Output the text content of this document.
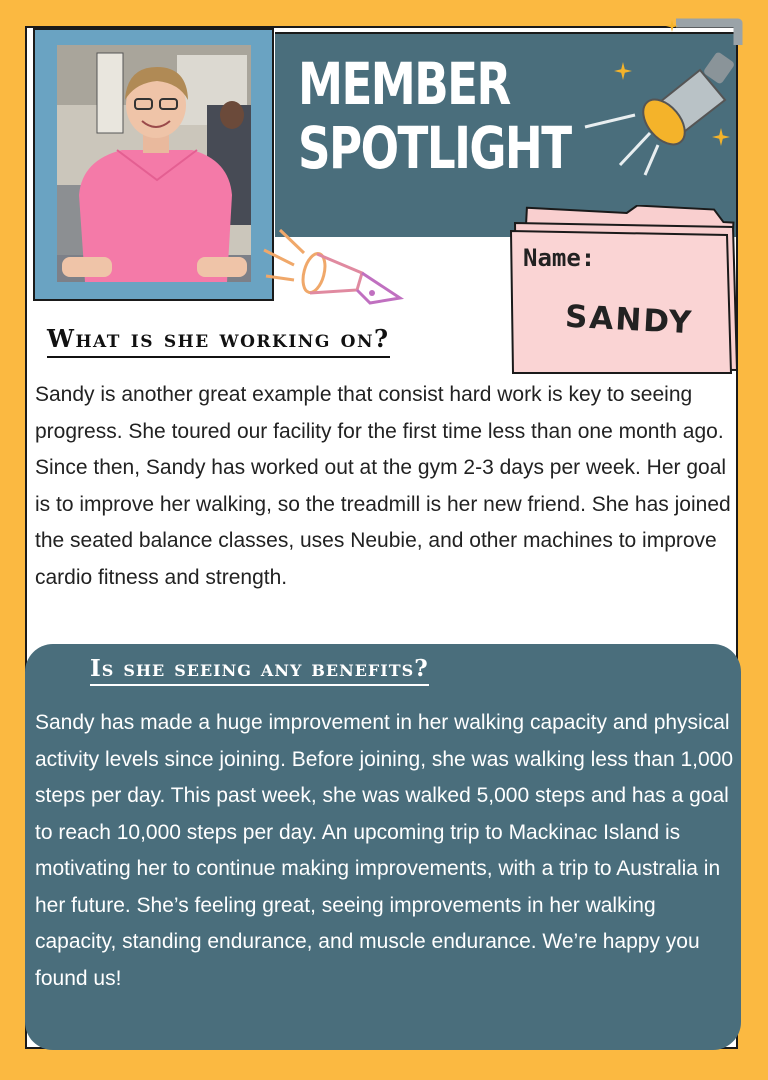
MEMBER
SPOTLIGHT
Name:
SANDY
What is she working on?
Sandy is another great example that consist hard work is key to seeing progress. She toured our facility for the first time less than one month ago. Since then, Sandy has worked out at the gym 2-3 days per week. Her goal is to improve her walking, so the treadmill is her new friend. She has joined the seated balance classes, uses Neubie, and other machines to improve cardio fitness and strength.
Is she seeing any benefits?
Sandy has made a huge improvement in her walking capacity and physical activity levels since joining. Before joining, she was walking less than 1,000 steps per day. This past week, she was walked 5,000 steps and has a goal to reach 10,000 steps per day. An upcoming trip to Mackinac Island is motivating her to continue making improvements, with a trip to Australia in her future. She’s feeling great, seeing improvements in her walking capacity, standing endurance, and muscle endurance. We’re happy you found us!
